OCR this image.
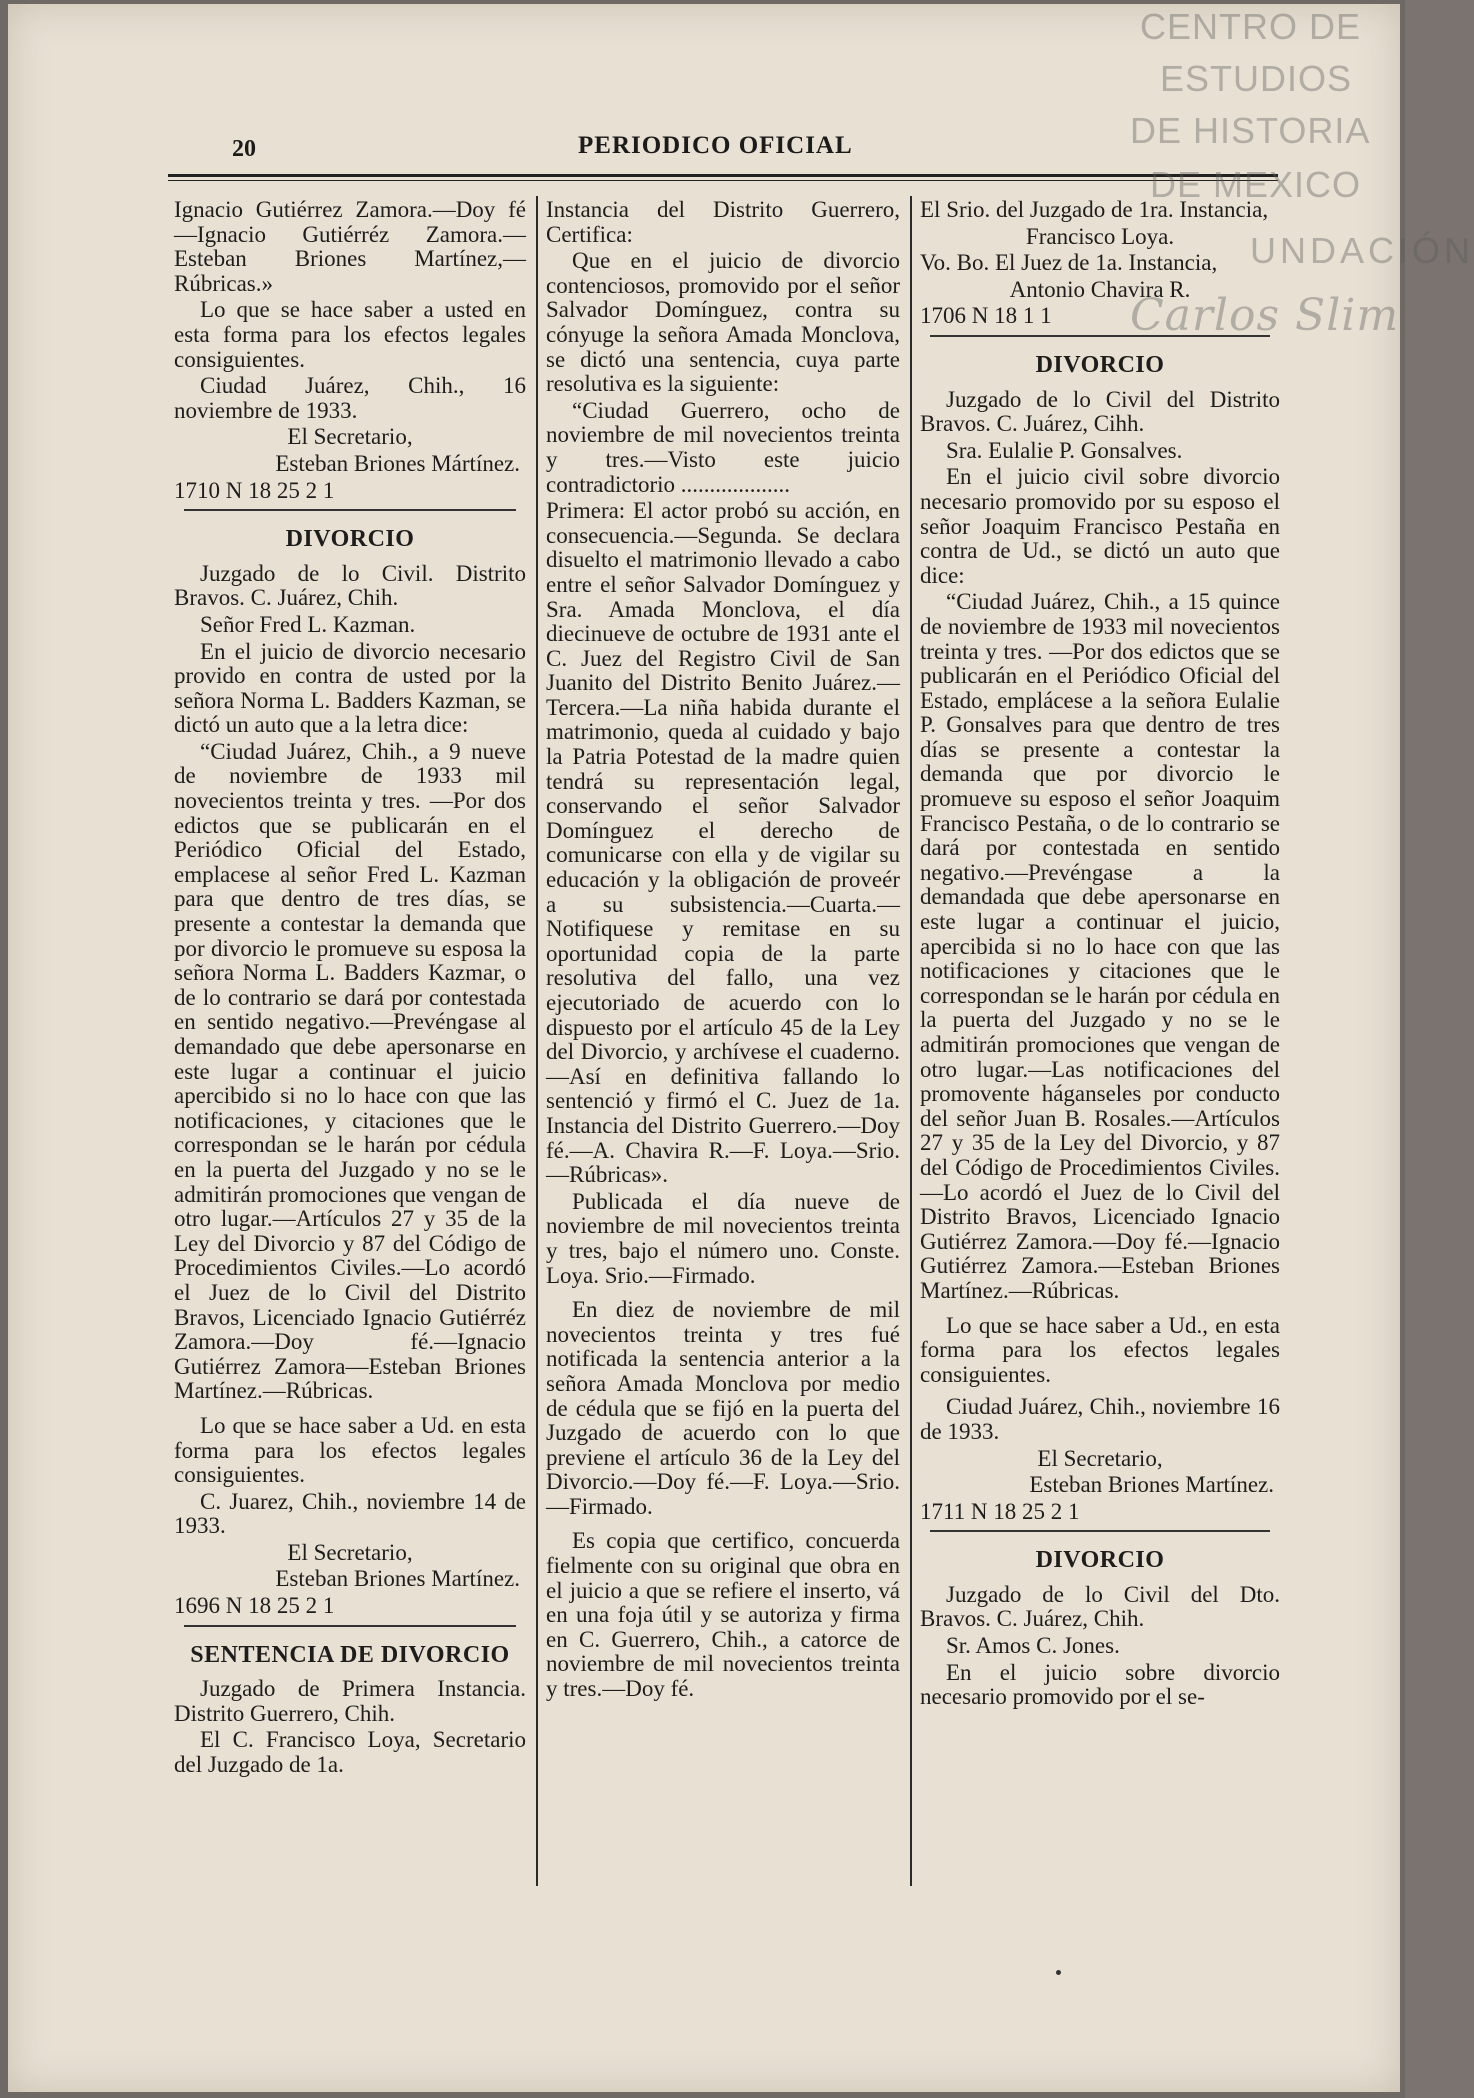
20	PERIODICO OFICIAL

Ignacio Gutiérrez Zamora.—Doy fé—Ignacio Gutiérréz Zamora.—Esteban Briones Martínez,—Rúbricas.»

Lo que se hace saber a usted en esta forma para los efectos legales consiguientes.

Ciudad Juárez, Chih., 16 noviembre de 1933.

El Secretario,

Esteban Briones Mártínez.

1710 N 18 25 2 1

DIVORCIO

Juzgado de lo Civil. Distrito Bravos. C. Juárez, Chih.

Señor Fred L. Kazman.

En el juicio de divorcio necesario provido en contra de usted por la señora Norma L. Badders Kazman, se dictó un auto que a la letra dice:

“Ciudad Juárez, Chih., a 9 nueve de noviembre de 1933 mil novecientos treinta y tres. —Por dos edictos que se publicarán en el Periódico Oficial del Estado, emplacese al señor Fred L. Kazman para que dentro de tres días, se presente a contestar la demanda que por divorcio le promueve su esposa la señora Norma L. Badders Kazmar, o de lo contrario se dará por contestada en sentido negativo.—Prevéngase al demandado que debe apersonarse en este lugar a continuar el juicio apercibido si no lo hace con que las notificaciones, y citaciones que le correspondan se le harán por cédula en la puerta del Juzgado y no se le admitirán promociones que vengan de otro lugar.—Artículos 27 y 35 de la Ley del Divorcio y 87 del Código de Procedimientos Civiles.—Lo acordó el Juez de lo Civil del Distrito Bravos, Licenciado Ignacio Gutiérréz Zamora.—Doy fé.—Ignacio Gutiérrez Zamora—Esteban Briones Martínez.—Rúbricas.

Lo que se hace saber a Ud. en esta forma para los efectos legales consiguientes.

C. Juarez, Chih., noviembre 14 de 1933.

El Secretario,

Esteban Briones Martínez.

1696 N 18 25 2 1

SENTENCIA DE DIVORCIO

Juzgado de Primera Instancia. Distrito Guerrero, Chih.

El C. Francisco Loya, Secretario del Juzgado de 1a.

Instancia del Distrito Guerrero, Certifica:

Que en el juicio de divorcio contenciosos, promovido por el señor Salvador Domínguez, contra su cónyuge la señora Amada Monclova, se dictó una sentencia, cuya parte resolutiva es la siguiente:

“Ciudad Guerrero, ocho de noviembre de mil novecientos treinta y tres.—Visto este juicio contradictorio ...................

Primera: El actor probó su acción, en consecuencia.—Segunda. Se declara disuelto el matrimonio llevado a cabo entre el señor Salvador Domínguez y Sra. Amada Monclova, el día diecinueve de octubre de 1931 ante el C. Juez del Registro Civil de San Juanito del Distrito Benito Juárez.—Tercera.—La niña habida durante el matrimonio, queda al cuidado y bajo la Patria Potestad de la madre quien tendrá su representación legal, conservando el señor Salvador Domínguez el derecho de comunicarse con ella y de vigilar su educación y la obligación de proveér a su subsistencia.—Cuarta.—Notifiquese y remitase en su oportunidad copia de la parte resolutiva del fallo, una vez ejecutoriado de acuerdo con lo dispuesto por el artículo 45 de la Ley del Divorcio, y archívese el cuaderno.—Así en definitiva fallando lo sentenció y firmó el C. Juez de 1a. Instancia del Distrito Guerrero.—Doy fé.—A. Chavira R.—F. Loya.—Srio.—Rúbricas».

Publicada el día nueve de noviembre de mil novecientos treinta y tres, bajo el número uno. Conste. Loya. Srio.—Firmado.

En diez de noviembre de mil novecientos treinta y tres fué notificada la sentencia anterior a la señora Amada Monclova por medio de cédula que se fijó en la puerta del Juzgado de acuerdo con lo que previene el artículo 36 de la Ley del Divorcio.—Doy fé.—F. Loya.—Srio. —Firmado.

Es copia que certifico, concuerda fielmente con su original que obra en el juicio a que se refiere el inserto, vá en una foja útil y se autoriza y firma en C. Guerrero, Chih., a catorce de noviembre de mil novecientos treinta y tres.—Doy fé.

El Srio. del Juzgado de 1ra. Instancia,

Francisco Loya.

Vo. Bo. El Juez de 1a. Instancia,

Antonio Chavira R.

1706 N 18 1 1

DIVORCIO

Juzgado de lo Civil del Distrito Bravos. C. Juárez, Cihh.

Sra. Eulalie P. Gonsalves.

En el juicio civil sobre divorcio necesario promovido por su esposo el señor Joaquim Francisco Pestaña en contra de Ud., se dictó un auto que dice:

“Ciudad Juárez, Chih., a 15 quince de noviembre de 1933 mil novecientos treinta y tres. —Por dos edictos que se publicarán en el Periódico Oficial del Estado, emplácese a la señora Eulalie P. Gonsalves para que dentro de tres días se presente a contestar la demanda que por divorcio le promueve su esposo el señor Joaquim Francisco Pestaña, o de lo contrario se dará por contestada en sentido negativo.—Prevéngase a la demandada que debe apersonarse en este lugar a continuar el juicio, apercibida si no lo hace con que las notificaciones y citaciones que le correspondan se le harán por cédula en la puerta del Juzgado y no se le admitirán promociones que vengan de otro lugar.—Las notificaciones del promovente háganseles por conducto del señor Juan B. Rosales.—Artículos 27 y 35 de la Ley del Divorcio, y 87 del Código de Procedimientos Civiles.—Lo acordó el Juez de lo Civil del Distrito Bravos, Licenciado Ignacio Gutiérrez Zamora.—Doy fé.—Ignacio Gutiérrez Zamora.—Esteban Briones Martínez.—Rúbricas.

Lo que se hace saber a Ud., en esta forma para los efectos legales consiguientes.

Ciudad Juárez, Chih., noviembre 16 de 1933.

El Secretario,

Esteban Briones Martínez.

1711 N 18 25 2 1

DIVORCIO

Juzgado de lo Civil del Dto. Bravos. C. Juárez, Chih.

Sr. Amos C. Jones.

En el juicio sobre divorcio necesario promovido por el se-

CENTRO DE
ESTUDIOS
DE HISTORIA
DE MEXICO
UNDACIÓN
Carlos Slim
